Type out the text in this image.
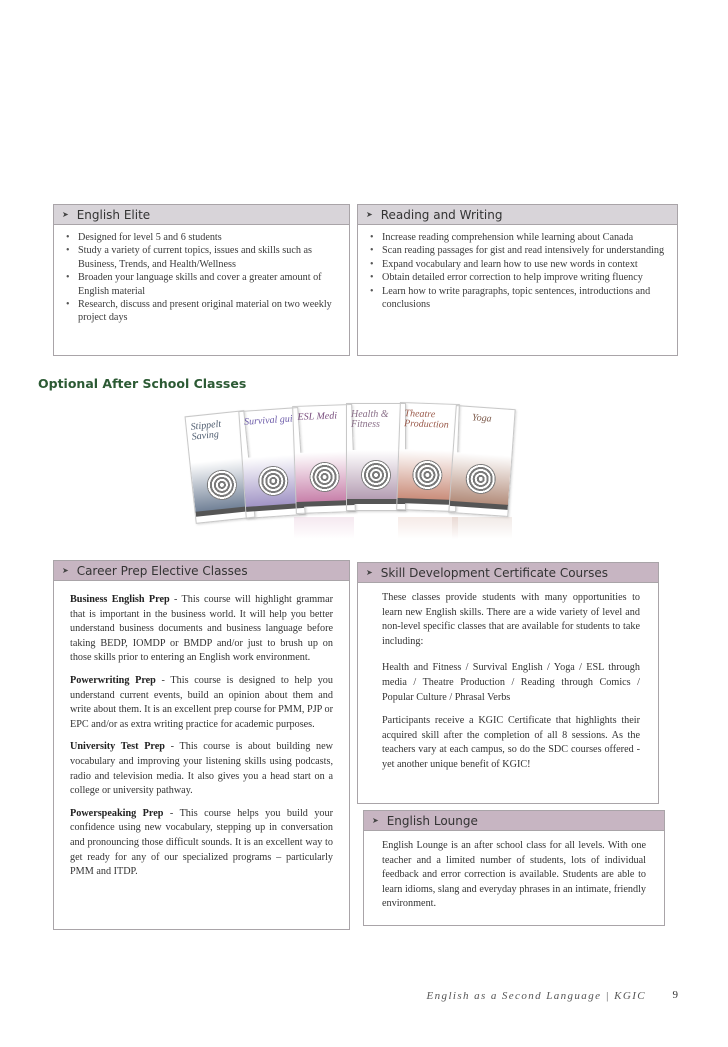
➤ English Elite
• Designed for level 5 and 6 students
• Study a variety of current topics, issues and skills such as Business, Trends, and Health/Wellness
• Broaden your language skills and cover a greater amount of English material
• Research, discuss and present original material on two weekly project days
➤ Reading and Writing
• Increase reading comprehension while learning about Canada
• Scan reading passages for gist and read intensively for understanding
• Expand vocabulary and learn how to use new words in context
• Obtain detailed error correction to help improve writing fluency
• Learn how to write paragraphs, topic sentences, introductions and conclusions
Optional After School Classes
Stippelt Saving
Survival gui ESL Medi	Health & Fitness
Theatre Production	Yoga
➤ Career Prep Elective Classes

Business English Prep - This course will highlight grammar that is important in the business world. It will help you better understand business documents and business language before taking BEDP, IOMDP or BMDP and/or just to brush up on those skills prior to entering an English work environment.

Powerwriting Prep - This course is designed to help you understand current events, build an opinion about them and write about them. It is an excellent prep course for PMM, PJP or EPC and/or as extra writing practice for academic purposes.

University Test Prep - This course is about building new vocabulary and improving your listening skills using podcasts, radio and television media. It also gives you a head start on a college or university pathway.

Powerspeaking Prep - This course helps you build your confidence using new vocabulary, stepping up in conversation and pronouncing those difficult sounds. It is an excellent way to get ready for any of our specialized programs – particularly PMM and ITDP.

➤ Skill Development Certificate Courses

These classes provide students with many opportunities to learn new English skills. There are a wide variety of level and non-level specific classes that are available for students to take including:

Health and Fitness / Survival English / Yoga / ESL through media / Theatre Production / Reading through Comics / Popular Culture / Phrasal Verbs

Participants receive a KGIC Certificate that highlights their acquired skill after the completion of all 8 sessions. As the teachers vary at each campus, so do the SDC courses offered - yet another unique benefit of KGIC!

➤ English Lounge

English Lounge is an after school class for all levels. With one teacher and a limited number of students, lots of individual feedback and error correction is available. Students are able to learn idioms, slang and everyday phrases in an intimate, friendly environment.

English as a Second Language | KGIC 9
